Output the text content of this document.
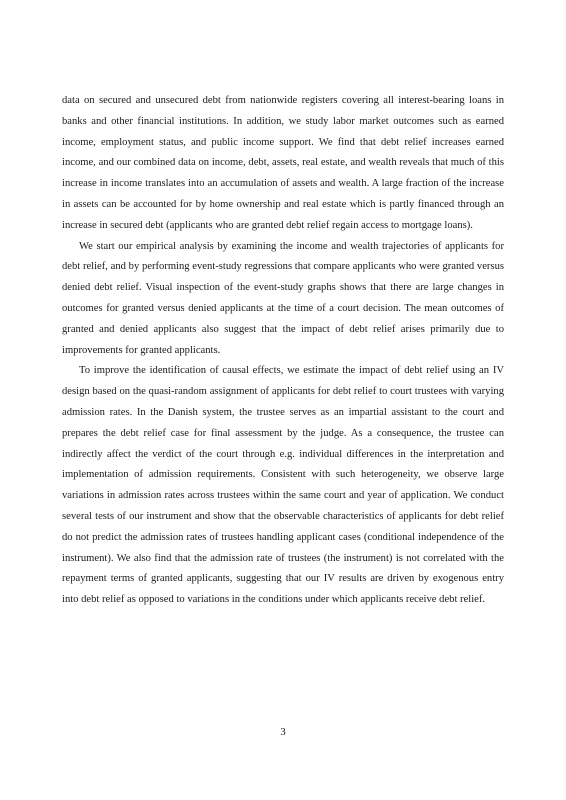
data on secured and unsecured debt from nationwide registers covering all interest-bearing loans in banks and other financial institutions. In addition, we study labor market outcomes such as earned income, employment status, and public income support. We find that debt relief increases earned income, and our combined data on income, debt, assets, real estate, and wealth reveals that much of this increase in income translates into an accumulation of assets and wealth. A large fraction of the increase in assets can be accounted for by home ownership and real estate which is partly financed through an increase in secured debt (applicants who are granted debt relief regain access to mortgage loans).

We start our empirical analysis by examining the income and wealth trajectories of applicants for debt relief, and by performing event-study regressions that compare applicants who were granted versus denied debt relief. Visual inspection of the event-study graphs shows that there are large changes in outcomes for granted versus denied applicants at the time of a court decision. The mean outcomes of granted and denied applicants also suggest that the impact of debt relief arises primarily due to improvements for granted applicants.

To improve the identification of causal effects, we estimate the impact of debt relief using an IV design based on the quasi-random assignment of applicants for debt relief to court trustees with varying admission rates. In the Danish system, the trustee serves as an impartial assistant to the court and prepares the debt relief case for final assessment by the judge. As a consequence, the trustee can indirectly affect the verdict of the court through e.g. individual differences in the interpretation and implementation of admission requirements. Consistent with such heterogeneity, we observe large variations in admission rates across trustees within the same court and year of application. We conduct several tests of our instrument and show that the observable characteristics of applicants for debt relief do not predict the admission rates of trustees handling applicant cases (conditional independence of the instrument). We also find that the admission rate of trustees (the instrument) is not correlated with the repayment terms of granted applicants, suggesting that our IV results are driven by exogenous entry into debt relief as opposed to variations in the conditions under which applicants receive debt relief.

3
